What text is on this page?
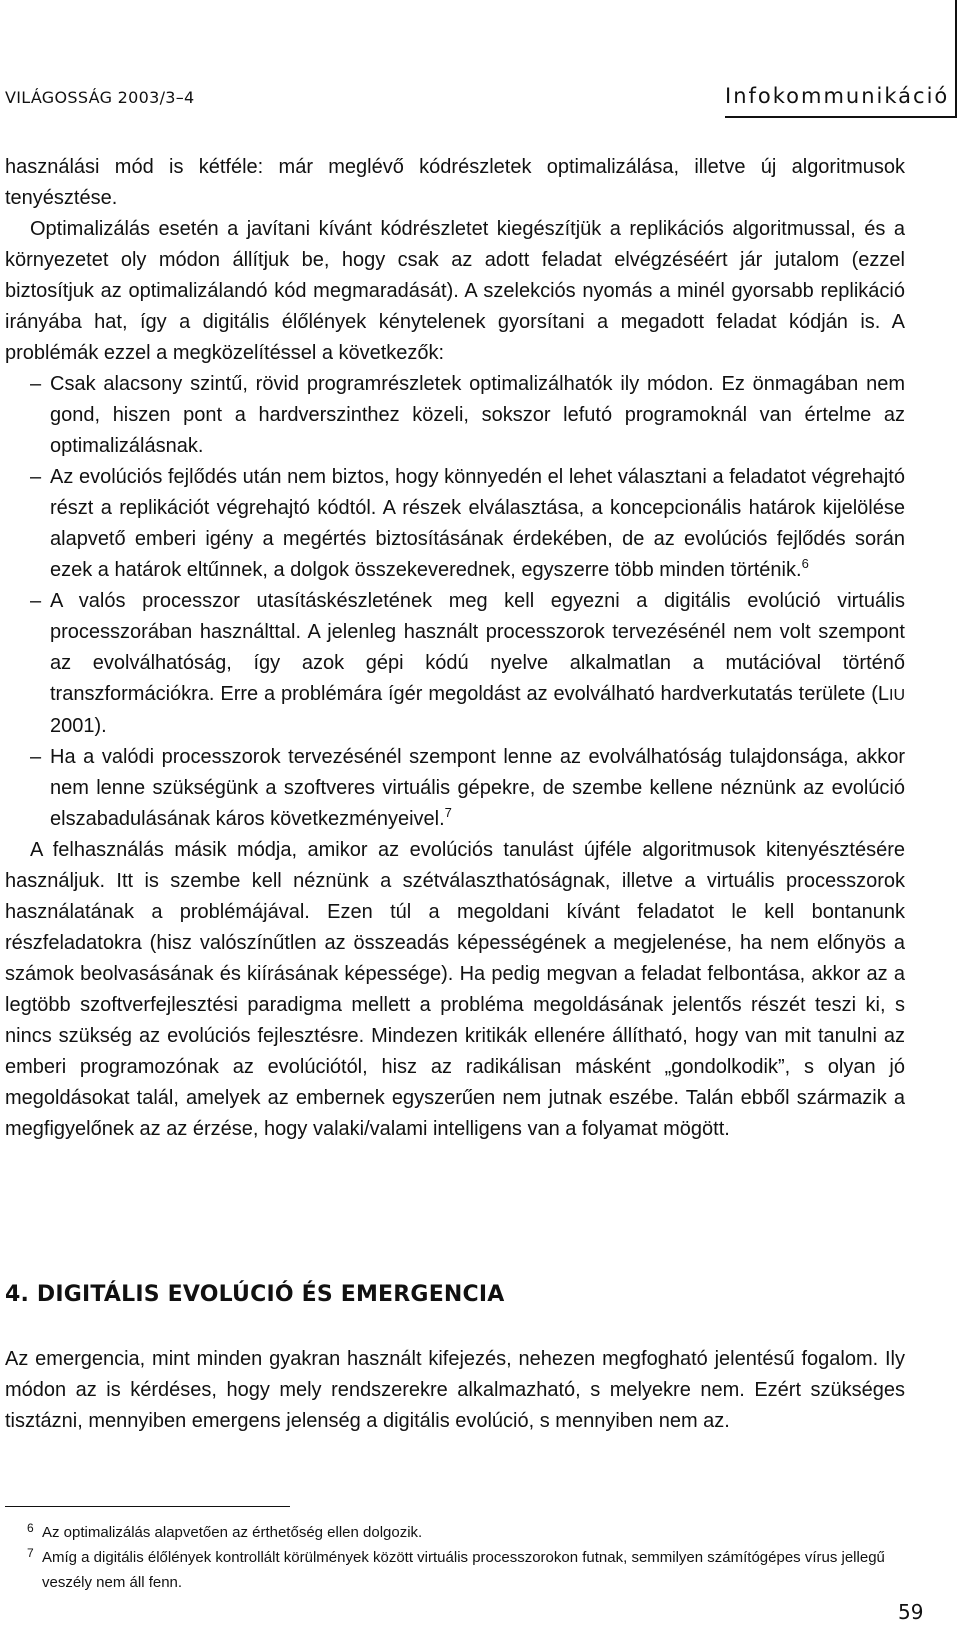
VILÁGOSSÁG 2003/3–4	Infokommunikáció

használási mód is kétféle: már meglévő kódrészletek optimalizálása, illetve új algoritmusok tenyésztése.

Optimalizálás esetén a javítani kívánt kódrészletet kiegészítjük a replikációs algoritmussal, és a környezetet oly módon állítjuk be, hogy csak az adott feladat elvégzéséért jár jutalom (ezzel biztosítjuk az optimalizálandó kód megmaradását). A szelekciós nyomás a minél gyorsabb replikáció irányába hat, így a digitális élőlények kénytelenek gyorsítani a megadott feladat kódján is. A problémák ezzel a megközelítéssel a következők:

– Csak alacsony szintű, rövid programrészletek optimalizálhatók ily módon. Ez önmagában nem gond, hiszen pont a hardverszinthez közeli, sokszor lefutó programoknál van értelme az optimalizálásnak.
– Az evolúciós fejlődés után nem biztos, hogy könnyedén el lehet választani a feladatot végrehajtó részt a replikációt végrehajtó kódtól. A részek elválasztása, a koncepcionális határok kijelölése alapvető emberi igény a megértés biztosításának érdekében, de az evolúciós fejlődés során ezek a határok eltűnnek, a dolgok összekeverednek, egyszerre több minden történik.$^6$
– A valós processzor utasításkészletének meg kell egyezni a digitális evolúció virtuális processzorában használttal. A jelenleg használt processzorok tervezésénél nem volt szempont az evolválhatóság, így azok gépi kódú nyelve alkalmatlan a mutációval történő transzformációkra. Erre a problémára ígér megoldást az evolválható hardverkutatás területe (LIU 2001).
– Ha a valódi processzorok tervezésénél szempont lenne az evolválhatóság tulajdonsága, akkor nem lenne szükségünk a szoftveres virtuális gépekre, de szembe kellene néznünk az evolúció elszabadulásának káros következményeivel.$^7$

A felhasználás másik módja, amikor az evolúciós tanulást újféle algoritmusok kitenyésztésére használjuk. Itt is szembe kell néznünk a szétválaszthatóságnak, illetve a virtuális processzorok használatának a problémájával. Ezen túl a megoldani kívánt feladatot le kell bontanunk részfeladatokra (hisz valószínűtlen az összeadás képességének a megjelenése, ha nem előnyös a számok beolvasásának és kiírásának képessége). Ha pedig megvan a feladat felbontása, akkor az a legtöbb szoftverfejlesztési paradigma mellett a probléma megoldásának jelentős részét teszi ki, s nincs szükség az evolúciós fejlesztésre. Mindezen kritikák ellenére állítható, hogy van mit tanulni az emberi programozónak az evolúciótól, hisz az radikálisan másként „gondolkodik”, s olyan jó megoldásokat talál, amelyek az embernek egyszerűen nem jutnak eszébe. Talán ebből származik a megfigyelőnek az az érzése, hogy valaki/valami intelligens van a folyamat mögött.

4. DIGITÁLIS EVOLÚCIÓ ÉS EMERGENCIA
Az emergencia, mint minden gyakran használt kifejezés, nehezen megfogható jelentésű fogalom. Ily módon az is kérdéses, hogy mely rendszerekre alkalmazható, s melyekre nem. Ezért szükséges tisztázni, mennyiben emergens jelenség a digitális evolúció, s mennyiben nem az.
6 Az optimalizálás alapvetően az érthetőség ellen dolgozik.
7 Amíg a digitális élőlények kontrollált körülmények között virtuális processzorokon futnak, semmilyen számítógépes vírus jellegű veszély nem áll fenn.
59
